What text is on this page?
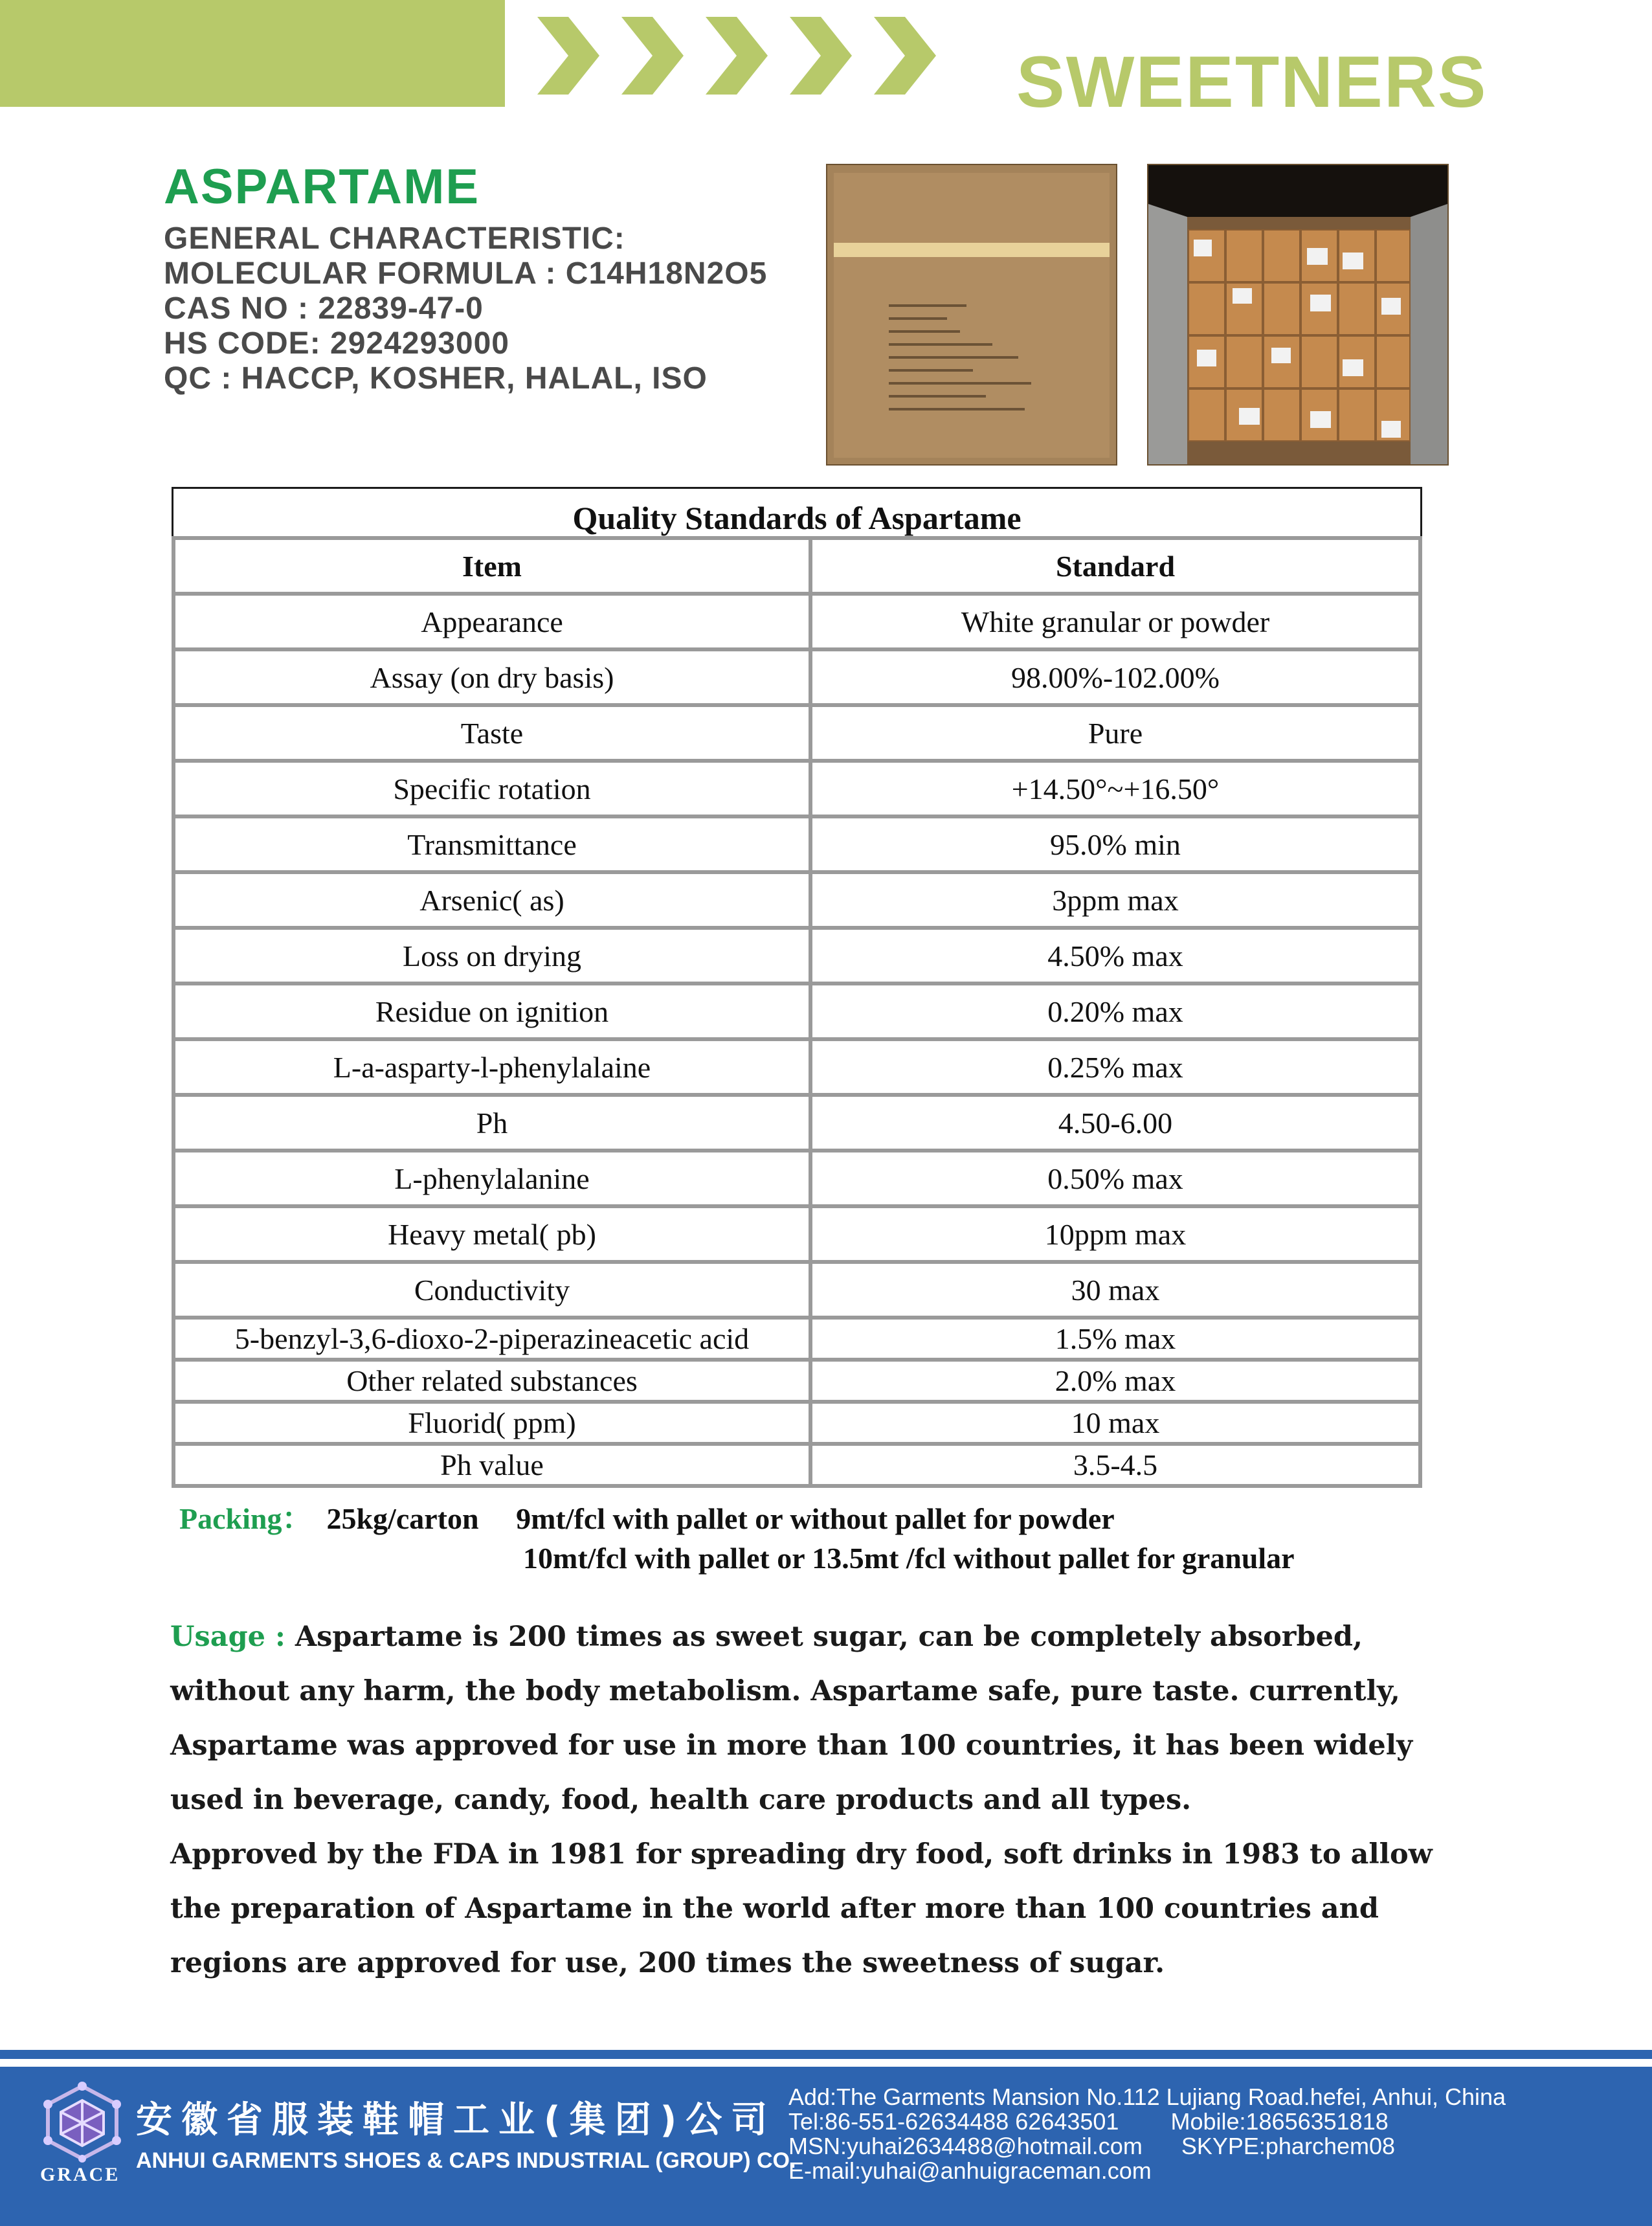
SWEETNERS
ASPARTAME
GENERAL CHARACTERISTIC:
MOLECULAR FORMULA : C14H18N2O5
CAS NO : 22839-47-0
HS CODE: 2924293000
QC : HACCP, KOSHER, HALAL, ISO
Quality Standards of Aspartame
Item	Standard
Appearance	White granular or powder
Assay (on dry basis)	98.00%-102.00%
Taste	Pure
Specific rotation	+14.50°~+16.50°
Transmittance	95.0% min
Arsenic( as)	3ppm max
Loss on drying	4.50% max
Residue on ignition	0.20% max
L-a-asparty-l-phenylalaine	0.25% max
Ph	4.50-6.00
L-phenylalanine	0.50% max
Heavy metal( pb)	10ppm max
Conductivity	30 max
5-benzyl-3,6-dioxo-2-piperazineacetic acid	1.5% max
Other related substances	2.0% max
Fluorid( ppm)	10 max
Ph value	3.5-4.5
Packing： 25kg/carton 9mt/fcl with pallet or without pallet for powder
10mt/fcl with pallet or 13.5mt /fcl without pallet for granular

Usage : Aspartame is 200 times as sweet sugar, can be completely absorbed, without any harm, the body metabolism. Aspartame safe, pure taste. currently, Aspartame was approved for use in more than 100 countries, it has been widely used in beverage, candy, food, health care products and all types.

Approved by the FDA in 1981 for spreading dry food, soft drinks in 1983 to allow the preparation of Aspartame in the world after more than 100 countries and regions are approved for use, 200 times the sweetness of sugar.

GRACE
安徽省服装鞋帽工业(集团)公司
ANHUI GARMENTS SHOES & CAPS INDUSTRIAL (GROUP) CO.
Add:The Garments Mansion No.112 Lujiang Road.hefei, Anhui, China
Tel:86-551-62634488 62643501 Mobile:18656351818
MSN:yuhai2634488@hotmail.com SKYPE:pharchem08
E-mail:yuhai@anhuigraceman.com
